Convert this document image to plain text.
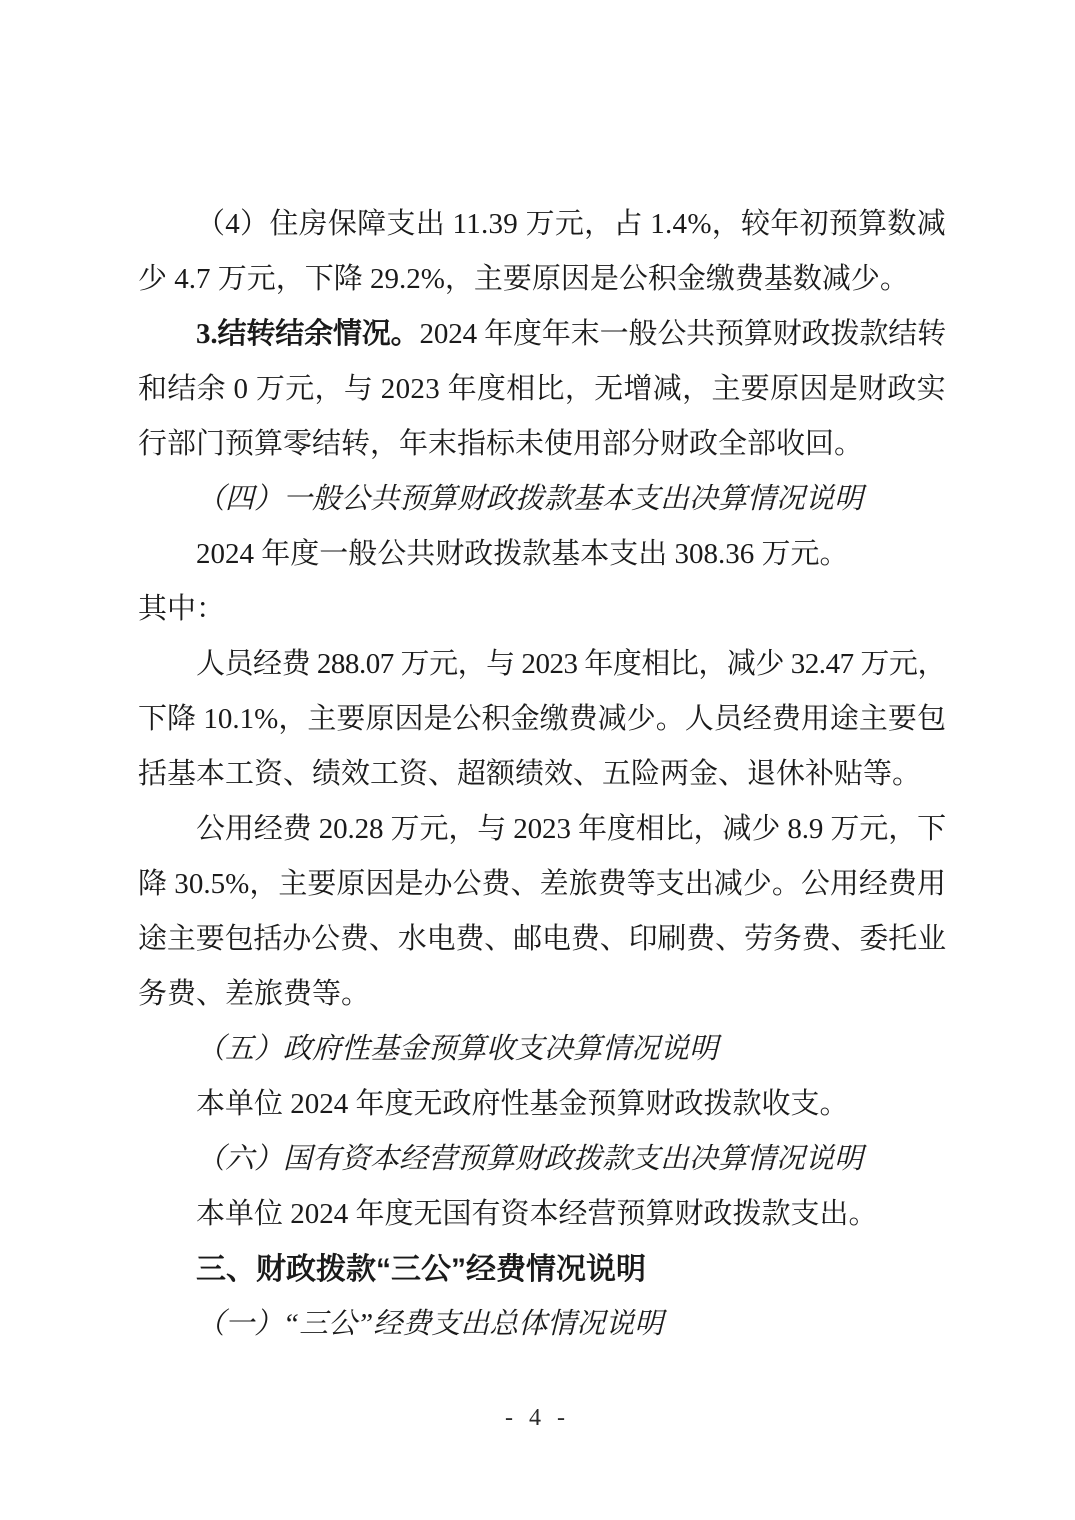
（4）住房保障支出 11.39 万元，占 1.4%，较年初预算数减
少 4.7 万元，下降 29.2%，主要原因是公积金缴费基数减少。
3.结转结余情况。2024 年度年末一般公共预算财政拨款结转
和结余 0 万元，与 2023 年度相比，无增减，主要原因是财政实
行部门预算零结转，年末指标未使用部分财政全部收回。
（四）一般公共预算财政拨款基本支出决算情况说明
2024 年度一般公共财政拨款基本支出 308.36 万元。
其中：
人员经费 288.07 万元，与 2023 年度相比，减少 32.47 万元，
下降 10.1%，主要原因是公积金缴费减少。人员经费用途主要包
括基本工资、绩效工资、超额绩效、五险两金、退休补贴等。
公用经费 20.28 万元，与 2023 年度相比，减少 8.9 万元，下
降 30.5%，主要原因是办公费、差旅费等支出减少。公用经费用
途主要包括办公费、水电费、邮电费、印刷费、劳务费、委托业
务费、差旅费等。
（五）政府性基金预算收支决算情况说明
本单位 2024 年度无政府性基金预算财政拨款收支。
（六）国有资本经营预算财政拨款支出决算情况说明
本单位 2024 年度无国有资本经营预算财政拨款支出。
三、财政拨款“三公”经费情况说明
（一）“三公”经费支出总体情况说明
- 4 -
